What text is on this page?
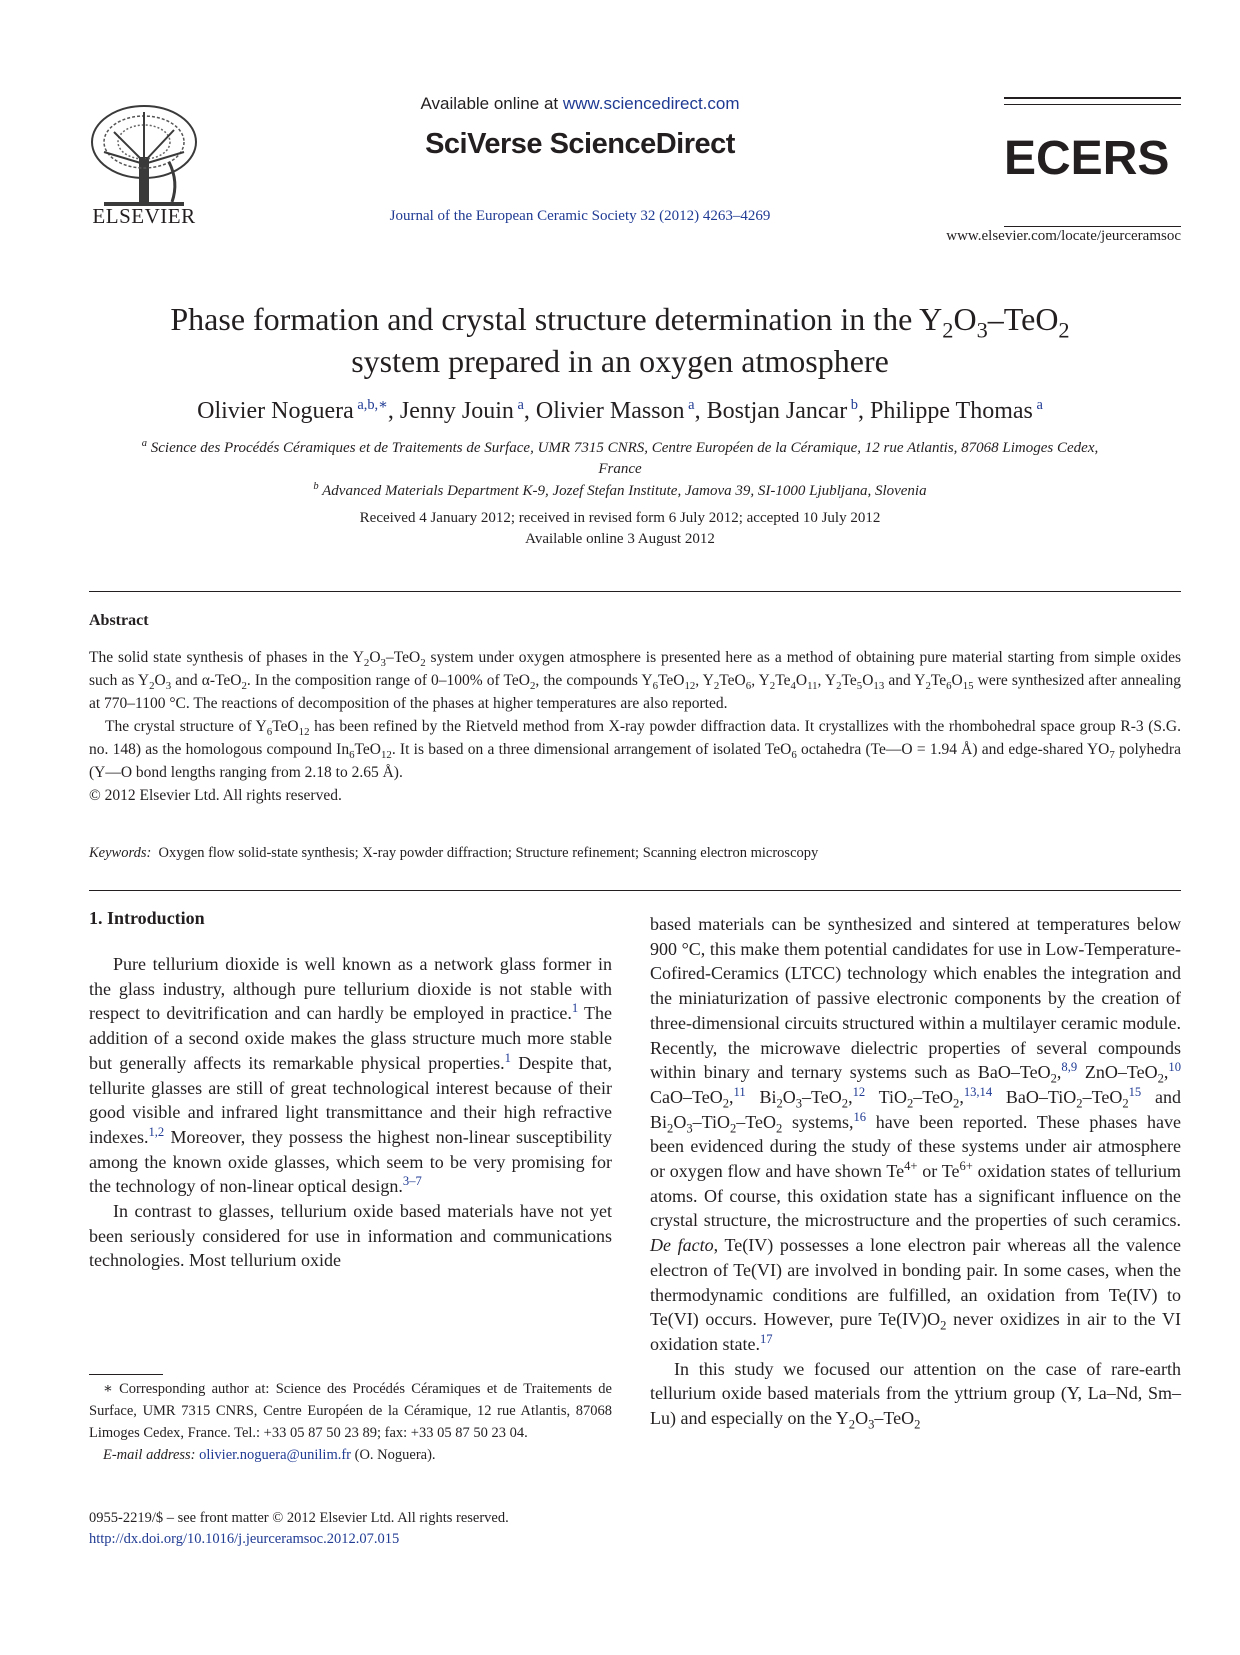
ELSEVIER
Available online at www.sciencedirect.com
SciVerse ScienceDirect
Journal of the European Ceramic Society 32 (2012) 4263–4269
ECERS
www.elsevier.com/locate/jeurceramsoc
Phase formation and crystal structure determination in the $Y_2O_3-TeO_2$
system prepared in an oxygen atmosphere
Olivier Noguera $^{a,b,∗}$, Jenny Jouin $^a$, Olivier Masson $^a$, Bostjan Jancar $^b$, Philippe Thomas $^a$
$^a$ Science des Procédés Céramiques et de Traitements de Surface, UMR 7315 CNRS, Centre Européen de la Céramique, 12 rue Atlantis, 87068 Limoges Cedex,
France
$^b$ Advanced Materials Department K-9, Jozef Stefan Institute, Jamova 39, SI-1000 Ljubljana, Slovenia
Received 4 January 2012; received in revised form 6 July 2012; accepted 10 July 2012
Available online 3 August 2012
Abstract

The solid state synthesis of phases in the $Y_2O_3-TeO_2$ system under oxygen atmosphere is presented here as a method of obtaining pure material starting from simple oxides such as $Y_2O_3$ and α-TeO$_2$. In the composition range of 0–100% of TeO$_2$, the compounds $Y_6TeO_{12}$, $Y_2TeO_6$, $Y_2Te_4O_{11}$, $Y_2Te_5O_{13}$ and $Y_2Te_6O_{15}$ were synthesized after annealing at 770–1100 °C. The reactions of decomposition of the phases at higher temperatures are also reported.

The crystal structure of $Y_6TeO_{12}$ has been refined by the Rietveld method from X-ray powder diffraction data. It crystallizes with the rhombohedral space group R-3 (S.G. no. 148) as the homologous compound $In_6TeO_{12}$. It is based on a three dimensional arrangement of isolated TeO$_6$ octahedra (Te—O = 1.94 Å) and edge-shared $YO_7$ polyhedra (Y—O bond lengths ranging from 2.18 to 2.65 Å).

© 2012 Elsevier Ltd. All rights reserved.

Keywords: Oxygen flow solid-state synthesis; X-ray powder diffraction; Structure refinement; Scanning electron microscopy
1. Introduction

Pure tellurium dioxide is well known as a network glass former in the glass industry, although pure tellurium dioxide is not stable with respect to devitrification and can hardly be employed in practice.$^1$ The addition of a second oxide makes the glass structure much more stable but generally affects its remarkable physical properties.$^1$ Despite that, tellurite glasses are still of great technological interest because of their good visible and infrared light transmittance and their high refractive indexes.$^{1,2}$ Moreover, they possess the highest non-linear susceptibility among the known oxide glasses, which seem to be very promising for the technology of non-linear optical design.$^{3-7}$

In contrast to glasses, tellurium oxide based materials have not yet been seriously considered for use in information and communications technologies. Most tellurium oxide

based materials can be synthesized and sintered at temperatures below 900 °C, this make them potential candidates for use in Low-Temperature-Cofired-Ceramics (LTCC) technology which enables the integration and the miniaturization of passive electronic components by the creation of three-dimensional circuits structured within a multilayer ceramic module. Recently, the microwave dielectric properties of several compounds within binary and ternary systems such as BaO–TeO$_2$,$^{8,9}$ ZnO–TeO$_2$,$^{10}$ CaO–TeO$_2$,$^{11}$ $Bi_2O_3-TeO_2,^{12}$ TiO$_2$–TeO$_2$,$^{13,14}$ BaO–TiO$_2$–TeO$_2^{15}$ and $Bi_2O_3-TiO_2-TeO_2$ systems,$^{16}$ have been reported. These phases have been evidenced during the study of these systems under air atmosphere or oxygen flow and have shown $Te^{4+}$ or $Te^{6+}$ oxidation states of tellurium atoms. Of course, this oxidation state has a significant influence on the crystal structure, the microstructure and the properties of such ceramics. De facto, Te(IV) possesses a lone electron pair whereas all the valence electron of Te(VI) are involved in bonding pair. In some cases, when the thermodynamic conditions are fulfilled, an oxidation from Te(IV) to Te(VI) occurs. However, pure $Te(IV)O_2$ never oxidizes in air to the VI oxidation state.$^{17}$

In this study we focused our attention on the case of rare-earth tellurium oxide based materials from the yttrium group (Y, La–Nd, Sm–Lu) and especially on the $Y_2O_3-TeO_2$

∗ Corresponding author at: Science des Procédés Céramiques et de Traitements de Surface, UMR 7315 CNRS, Centre Européen de la Céramique, 12 rue Atlantis, 87068 Limoges Cedex, France. Tel.: +33 05 87 50 23 89; fax: +33 05 87 50 23 04.

E-mail address: olivier.noguera@unilim.fr (O. Noguera).

0955-2219/$ – see front matter © 2012 Elsevier Ltd. All rights reserved.
http://dx.doi.org/10.1016/j.jeurceramsoc.2012.07.015
